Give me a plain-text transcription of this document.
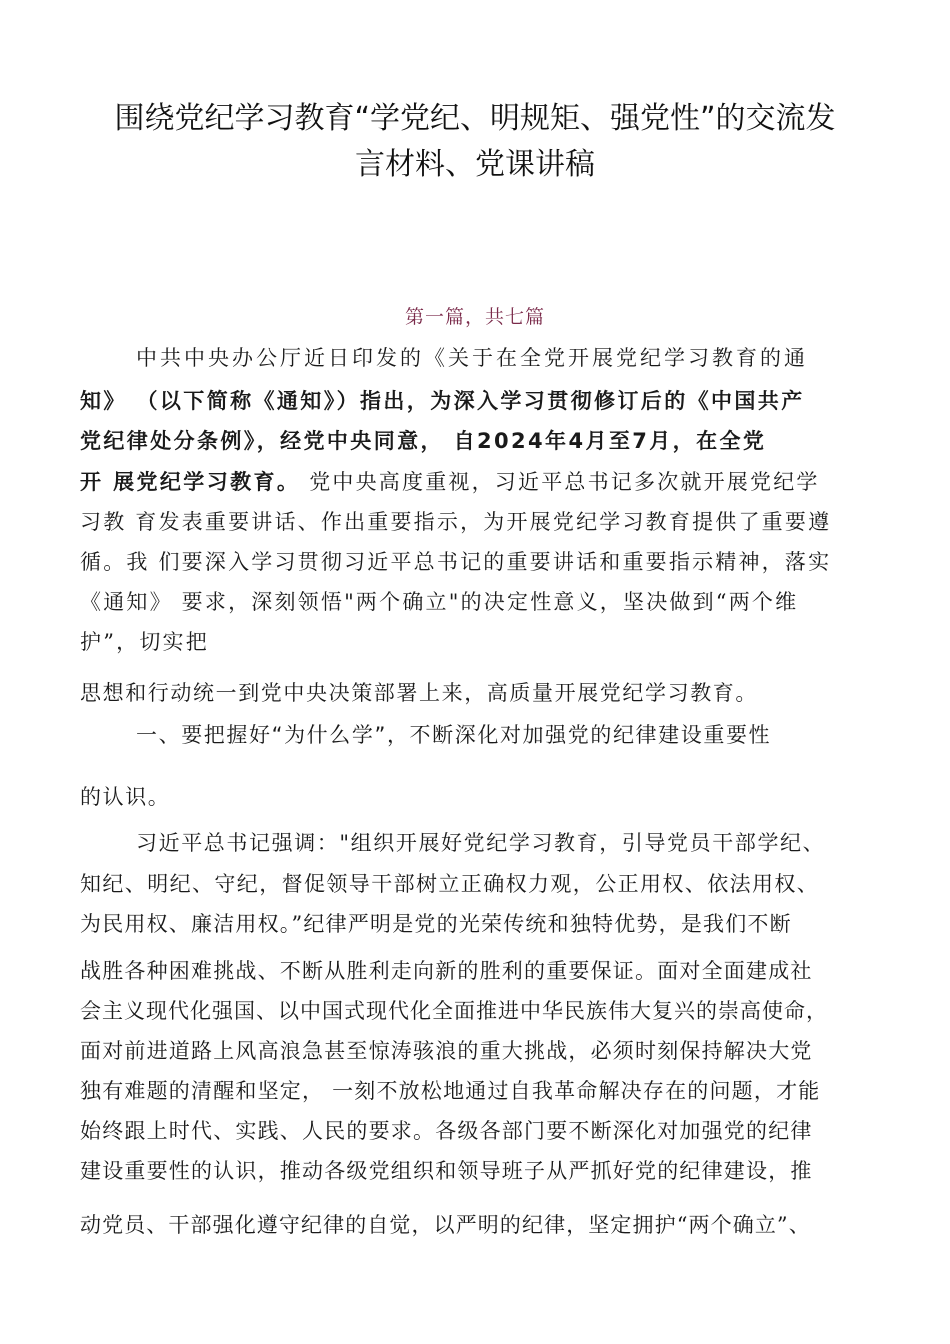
围绕党纪学习教育“学党纪、明规矩、强党性”的交流发
言材料、党课讲稿

第一篇，共七篇

中共中央办公厅近日印发的《关于在全党开展党纪学习教育的通

知》 （以下简称《通知》）指出，为深入学习贯彻修订后的《中国共产

党纪律处分条例》，经党中央同意， 自2024年4月至7月，在全党

开 展党纪学习教育。 党中央高度重视，习近平总书记多次就开展党纪学

习教 育发表重要讲话、作出重要指示，为开展党纪学习教育提供了重要遵

循。我 们要深入学习贯彻习近平总书记的重要讲话和重要指示精神，落实

《通知》 要求，深刻领悟"两个确立"的决定性意义，坚决做到“两个维

护”，切实把

思想和行动统一到党中央决策部署上来，高质量开展党纪学习教育。

一、要把握好“为什么学”，不断深化对加强党的纪律建设重要性

的认识。

习近平总书记强调："组织开展好党纪学习教育，引导党员干部学纪、

知纪、明纪、守纪，督促领导干部树立正确权力观，公正用权、依法用权、

为民用权、廉洁用权。”纪律严明是党的光荣传统和独特优势，是我们不断

战胜各种困难挑战、不断从胜利走向新的胜利的重要保证。面对全面建成社

会主义现代化强国、以中国式现代化全面推进中华民族伟大复兴的崇高使命，

面对前进道路上风高浪急甚至惊涛骇浪的重大挑战，必须时刻保持解决大党

独有难题的清醒和坚定， 一刻不放松地通过自我革命解决存在的问题，才能

始终跟上时代、实践、人民的要求。各级各部门要不断深化对加强党的纪律

建设重要性的认识，推动各级党组织和领导班子从严抓好党的纪律建设，推

动党员、干部强化遵守纪律的自觉，以严明的纪律，坚定拥护“两个确立”、
